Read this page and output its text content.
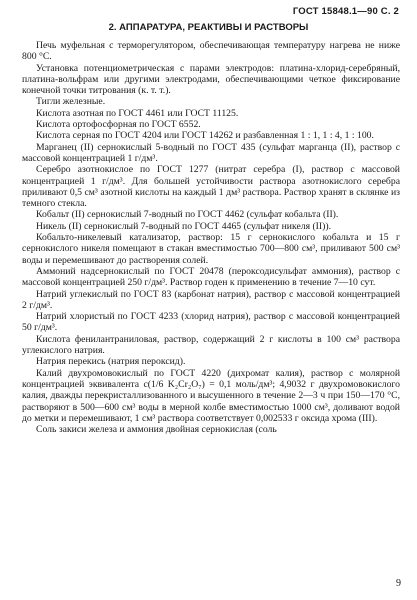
ГОСТ 15848.1—90 С. 2
2. АППАРАТУРА, РЕАКТИВЫ И РАСТВОРЫ

Печь муфельная с терморегулятором, обеспечивающая температуру нагрева не ниже 800 °С.

Установка потенциометрическая с парами электродов: платина-хлорид-серебряный, платина-вольфрам или другими электродами, обеспечивающими четкое фиксирование конечной точки титрования (к. т. т.).

Тигли железные.

Кислота азотная по ГОСТ 4461 или ГОСТ 11125.

Кислота ортофосфорная по ГОСТ 6552.

Кислота серная по ГОСТ 4204 или ГОСТ 14262 и разбавленная 1 : 1, 1 : 4, 1 : 100.

Марганец (II) сернокислый 5-водный по ГОСТ 435 (сульфат марганца (II), раствор с массовой концентрацией 1 г/дм³.

Серебро азотнокислое по ГОСТ 1277 (нитрат серебра (I), раствор с массовой концентрацией 1 г/дм³. Для большей устойчивости раствора азотнокислого серебра приливают 0,5 см³ азотной кислоты на каждый 1 дм³ раствора. Раствор хранят в склянке из темного стекла.

Кобальт (II) сернокислый 7-водный по ГОСТ 4462 (сульфат кобальта (II).

Никель (II) сернокислый 7-водный по ГОСТ 4465 (сульфат никеля (II)).

Кобальто-никелевый катализатор, раствор: 15 г сернокислого кобальта и 15 г сернокислого никеля помещают в стакан вместимостью 700—800 см³, приливают 500 см³ воды и перемешивают до растворения солей.

Аммоний надсернокислый по ГОСТ 20478 (пероксодисульфат аммония), раствор с массовой концентрацией 250 г/дм³. Раствор годен к применению в течение 7—10 сут.

Натрий углекислый по ГОСТ 83 (карбонат натрия), раствор с массовой концентрацией 2 г/дм³.

Натрий хлористый по ГОСТ 4233 (хлорид натрия), раствор с массовой концентрацией 50 г/дм³.

Кислота фенилантраниловая, раствор, содержащий 2 г кислоты в 100 см³ раствора углекислого натрия.

Натрия перекись (натрия пероксид).

Калий двухромовокислый по ГОСТ 4220 (дихромат калия), раствор с молярной концентрацией эквивалента с(1/6 K₂Cr₂O₇) = 0,1 моль/дм³; 4,9032 г двухромовокислого калия, дважды перекристаллизованного и высушенного в течение 2—3 ч при 150—170 °С, растворяют в 500—600 см³ воды в мерной колбе вместимостью 1000 см³, доливают водой до метки и перемешивают, 1 см³ раствора соответствует 0,002533 г оксида хрома (III).

Соль закиси железа и аммония двойная сернокислая (соль

9
